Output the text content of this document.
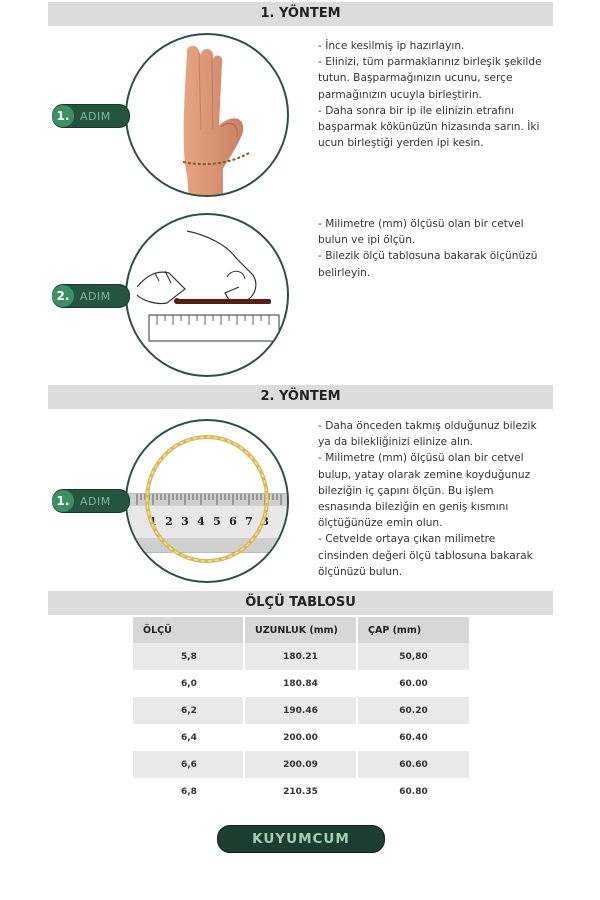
1. YÖNTEM
1. ADIM

- İnce kesilmiş ip hazırlayın.

- Elinizi, tüm parmaklarınız birleşik şekilde

tutun. Başparmağınızın ucunu, serçe

parmağınızın ucuyla birleştirin.

- Daha sonra bir ip ile elinizin etrafını

başparmak kökünüzün hizasında sarın. İki

ucun birleştiği yerden ipi kesin.

2. ADIM

- Milimetre (mm) ölçüsü olan bir cetvel

bulun ve ipi ölçün.

- Bilezik ölçü tablosuna bakarak ölçünüzü

belirleyin.

2. YÖNTEM
1 2 3 4 5 6 7 8
1. ADIM

- Daha önceden takmış olduğunuz bilezik

ya da bilekliğinizi elinize alın.

- Milimetre (mm) ölçüsü olan bir cetvel

bulup, yatay olarak zemine koyduğunuz

bileziğin iç çapını ölçün. Bu işlem

esnasında bileziğin en geniş kısmını

ölçtüğünüze emin olun.

- Cetvelde ortaya çıkan milimetre

cinsinden değeri ölçü tablosuna bakarak

ölçünüzü bulun.

ÖLÇÜ TABLOSU
ÖLÇÜ	UZUNLUK (mm)	ÇAP (mm)
5,8	180.21	50,80
6,0	180.84	60.00
6,2	190.46	60.20
6,4	200.00	60.40
6,6	200.09	60.60
6,8	210.35	60.80
KUYUMCUM
